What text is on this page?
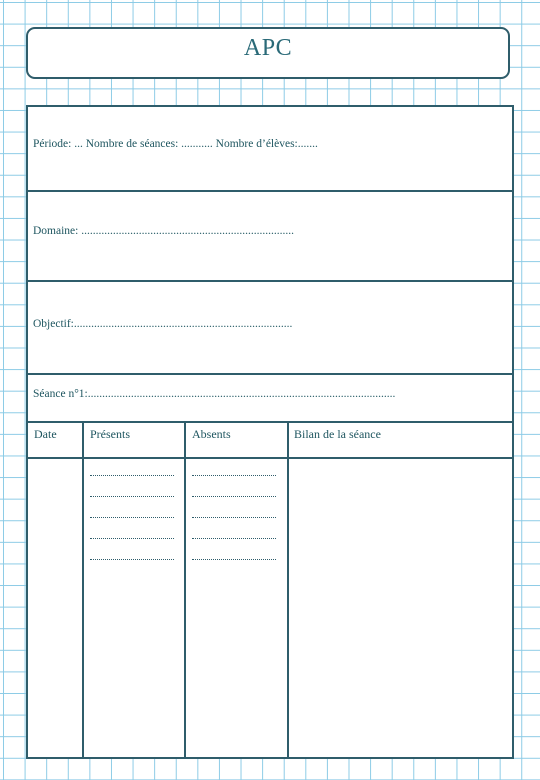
APC
Période: ... Nombre de séances: ........... Nombre d’élèves:.......
Domaine: ..........................................................................
Objectif:............................................................................
Séance n°1:...........................................................................................................
Date	Présents	Absents	Bilan de la séance
